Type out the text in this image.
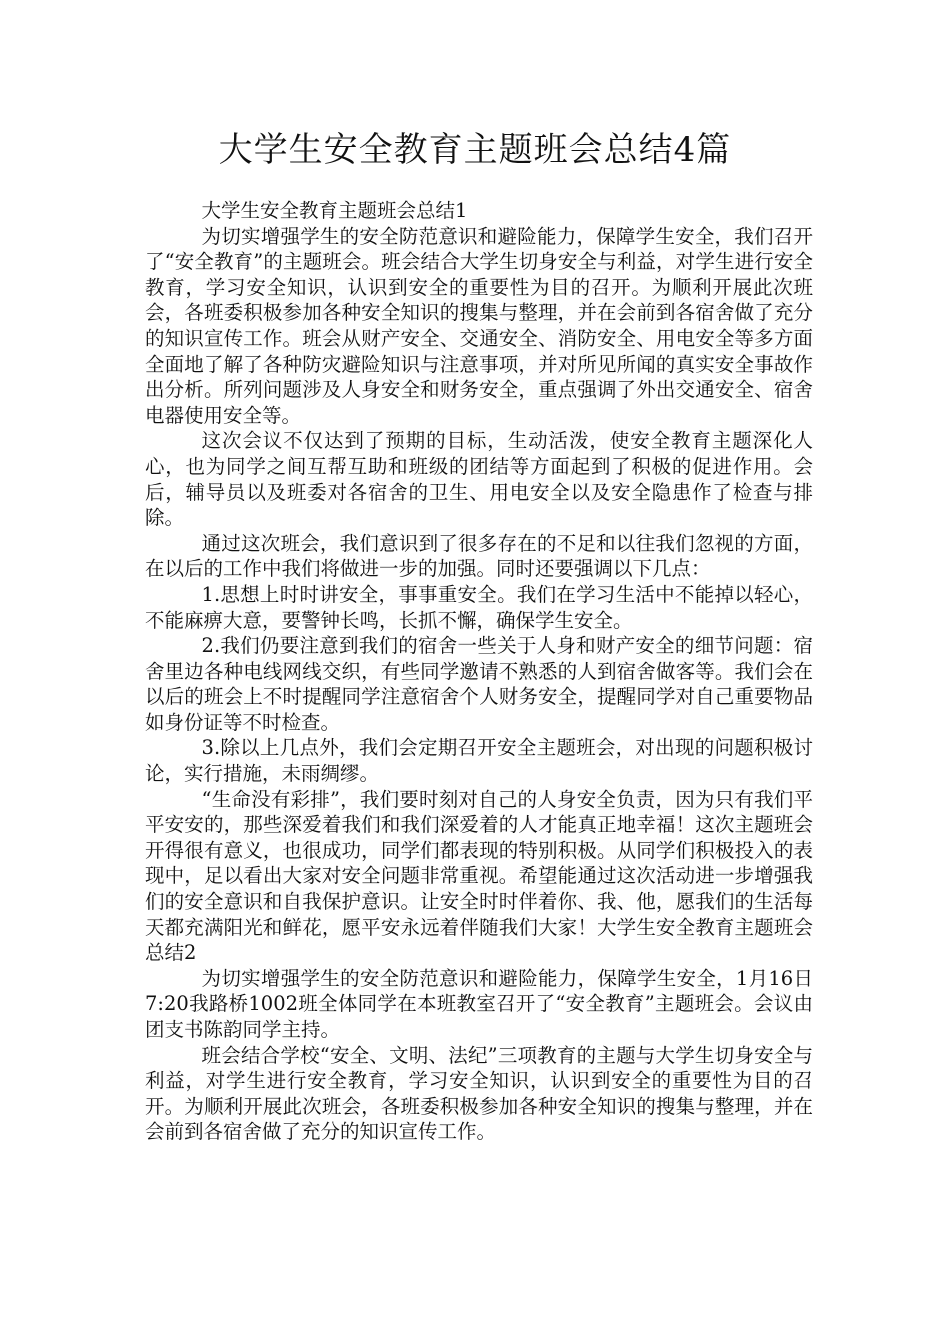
大学生安全教育主题班会总结4篇

大学生安全教育主题班会总结1

为切实增强学生的安全防范意识和避险能力，保障学生安全，我们召开了“安全教育”的主题班会。班会结合大学生切身安全与利益，对学生进行安全教育，学习安全知识，认识到安全的重要性为目的召开。为顺利开展此次班会，各班委积极参加各种安全知识的搜集与整理，并在会前到各宿舍做了充分的知识宣传工作。班会从财产安全、交通安全、消防安全、用电安全等多方面全面地了解了各种防灾避险知识与注意事项，并对所见所闻的真实安全事故作出分析。所列问题涉及人身安全和财务安全，重点强调了外出交通安全、宿舍电器使用安全等。

这次会议不仅达到了预期的目标，生动活泼，使安全教育主题深化人心，也为同学之间互帮互助和班级的团结等方面起到了积极的促进作用。会后，辅导员以及班委对各宿舍的卫生、用电安全以及安全隐患作了检查与排除。

通过这次班会，我们意识到了很多存在的不足和以往我们忽视的方面，在以后的工作中我们将做进一步的加强。同时还要强调以下几点：

1.思想上时时讲安全，事事重安全。我们在学习生活中不能掉以轻心，不能麻痹大意，要警钟长鸣，长抓不懈，确保学生安全。

2.我们仍要注意到我们的宿舍一些关于人身和财产安全的细节问题：宿舍里边各种电线网线交织，有些同学邀请不熟悉的人到宿舍做客等。我们会在以后的班会上不时提醒同学注意宿舍个人财务安全，提醒同学对自己重要物品如身份证等不时检查。

3.除以上几点外，我们会定期召开安全主题班会，对出现的问题积极讨论，实行措施，未雨绸缪。

“生命没有彩排”，我们要时刻对自己的人身安全负责，因为只有我们平平安安的，那些深爱着我们和我们深爱着的人才能真正地幸福！这次主题班会开得很有意义，也很成功，同学们都表现的特别积极。从同学们积极投入的表现中，足以看出大家对安全问题非常重视。希望能通过这次活动进一步增强我们的安全意识和自我保护意识。让安全时时伴着你、我、他，愿我们的生活每天都充满阳光和鲜花，愿平安永远着伴随我们大家！大学生安全教育主题班会总结2

为切实增强学生的安全防范意识和避险能力，保障学生安全，1月16日7:20我路桥1002班全体同学在本班教室召开了“安全教育”主题班会。会议由团支书陈韵同学主持。

班会结合学校“安全、文明、法纪”三项教育的主题与大学生切身安全与利益，对学生进行安全教育，学习安全知识，认识到安全的重要性为目的召开。为顺利开展此次班会，各班委积极参加各种安全知识的搜集与整理，并在会前到各宿舍做了充分的知识宣传工作。
